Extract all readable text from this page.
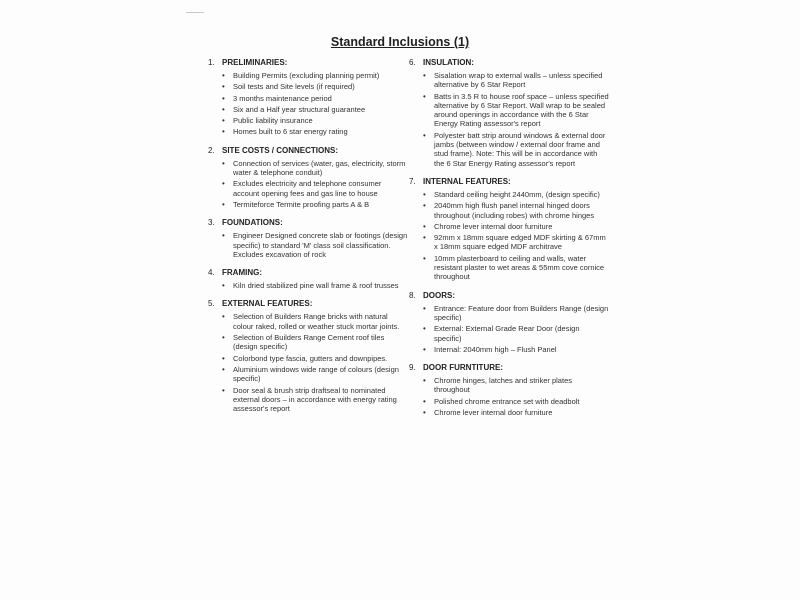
Standard Inclusions (1)
1. PRELIMINARIES:
• Building Permits (excluding planning permit)
• Soil tests and Site levels (if required)
• 3 months maintenance period
• Six and a Half year structural guarantee
• Public liability insurance
• Homes built to 6 star energy rating
2. SITE COSTS / CONNECTIONS:
• Connection of services (water, gas, electricity, storm water & telephone conduit)
• Excludes electricity and telephone consumer account opening fees and gas line to house
• Termiteforce Termite proofing parts A & B
3. FOUNDATIONS:
• Engineer Designed concrete slab or footings (design specific) to standard 'M' class soil classification. Excludes excavation of rock
4. FRAMING:
• Kiln dried stabilized pine wall frame & roof trusses
5. EXTERNAL FEATURES:
• Selection of Builders Range bricks with natural colour raked, rolled or weather stuck mortar joints.
• Selection of Builders Range Cement roof tiles (design specific)
• Colorbond type fascia, gutters and downpipes.
• Aluminium windows wide range of colours (design specific)
• Door seal & brush strip draftseal to nominated external doors – in accordance with energy rating assessor's report
6. INSULATION:
• Sisalation wrap to external walls – unless specified alternative by 6 Star Report
• Batts in 3.5 R to house roof space – unless specified alternative by 6 Star Report. Wall wrap to be sealed around openings in accordance with the 6 Star Energy Rating assessor's report
• Polyester batt strip around windows & external door jambs (between window / external door frame and stud frame). Note: This will be in accordance with the 6 Star Energy Rating assessor's report
7. INTERNAL FEATURES:
• Standard ceiling height 2440mm, (design specific)
• 2040mm high flush panel internal hinged doors throughout (including robes) with chrome hinges
• Chrome lever internal door furniture
• 92mm x 18mm square edged MDF skirting & 67mm x 18mm square edged MDF architrave
• 10mm plasterboard to ceiling and walls, water resistant plaster to wet areas & 55mm cove cornice throughout
8. DOORS:
• Entrance: Feature door from Builders Range (design specific)
• External: External Grade Rear Door (design specific)
• Internal: 2040mm high – Flush Panel
9. DOOR FURNTITURE:
• Chrome hinges, latches and striker plates throughout
• Polished chrome entrance set with deadbolt
• Chrome lever internal door furniture
